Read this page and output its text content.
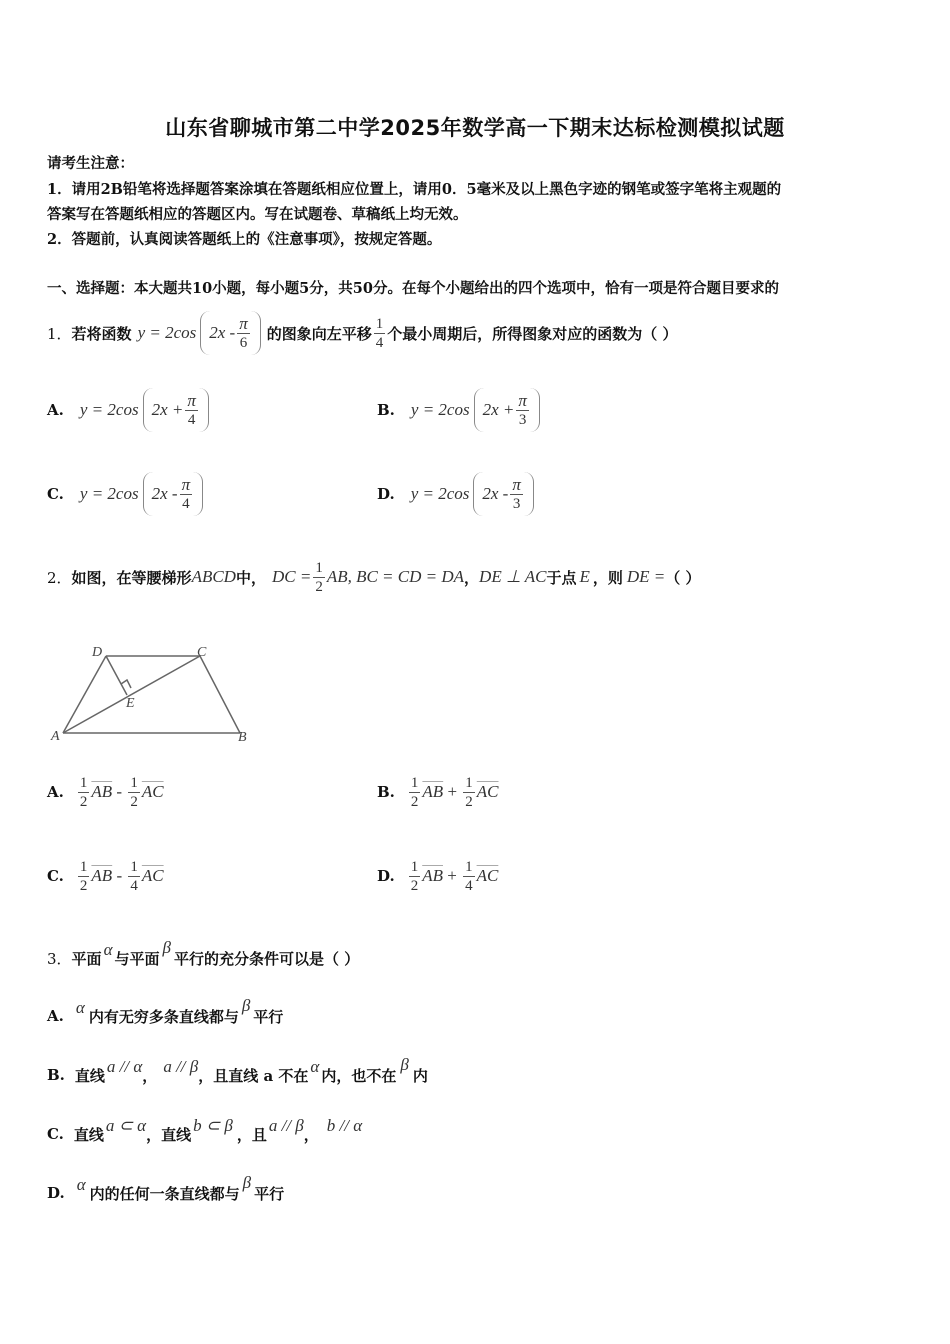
山东省聊城市第二中学2025年数学高一下期末达标检测模拟试题
请考生注意：
1．请用2B铅笔将选择题答案涂填在答题纸相应位置上，请用0．5毫米及以上黑色字迹的钢笔或签字笔将主观题的
答案写在答题纸相应的答题区内。写在试题卷、草稿纸上均无效。
2．答题前，认真阅读答题纸上的《注意事项》，按规定答题。
一、选择题：本大题共10小题，每小题5分，共50分。在每个小题给出的四个选项中，恰有一项是符合题目要求的
1． 若将函数 y = 2cos $2x - \frac{\pi}{6}$ 的图象向左平移 $\frac{1}{4}$ 个最小周期后，所得图象对应的函数为（ ）
A. y = 2cos $2x + \frac{\pi}{4}$	B. y = 2cos $2x + \frac{\pi}{3}$
C. y = 2cos $2x - \frac{\pi}{4}$	D. y = 2cos $2x - \frac{\pi}{3}$
2． 如图，在等腰梯形 ABCD 中， DC = $\frac{1}{2}$ AB, BC = CD = DA ， DE ⊥ AC 于点 E ，则 DE = （ ）
D	C
E
A	B
A. $\frac{1}{2} \overline{AB} - \frac{1}{2} \overline{AC}$	B. $\frac{1}{2} \overline{AB} + \frac{1}{2} \overline{AC}$
C. $\frac{1}{2} \overline{AB} - \frac{1}{4} \overline{AC}$	D. $\frac{1}{2} \overline{AB} + \frac{1}{4} \overline{AC}$
3． 平面 α 与平面
β
平行的充分条件可以是（ ）
A. α 内有无穷多条直线都与
β
平行
B. 直线 a // α ， a // β ，且直线 a 不在 α 内，也不在
β
内
C. 直线 a ⊂ α ，直线 b ⊂ β ，且 a // β ， b // α
D. α 内的任何一条直线都与
β
平行
